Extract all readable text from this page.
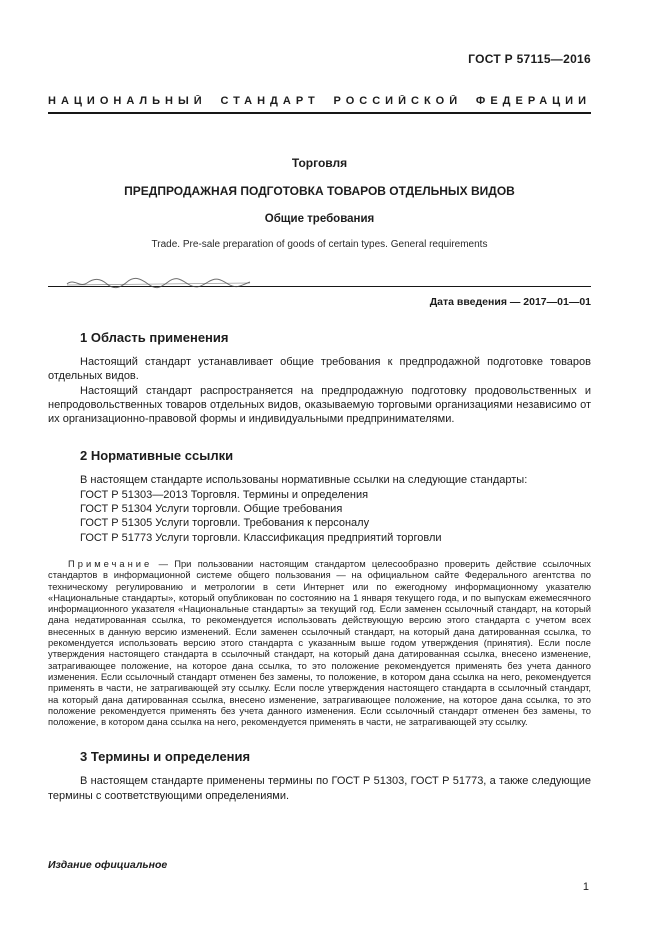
ГОСТ Р 57115—2016
НАЦИОНАЛЬНЫЙ СТАНДАРТ РОССИЙСКОЙ ФЕДЕРАЦИИ
Торговля
ПРЕДПРОДАЖНАЯ ПОДГОТОВКА ТОВАРОВ ОТДЕЛЬНЫХ ВИДОВ
Общие требования
Trade. Pre-sale preparation of goods of certain types. General requirements
Дата введения — 2017—01—01
1 Область применения

Настоящий стандарт устанавливает общие требования к предпродажной подготовке товаров отдельных видов.

Настоящий стандарт распространяется на предпродажную подготовку продовольственных и непродовольственных товаров отдельных видов, оказываемую торговыми организациями независимо от их организационно-правовой формы и индивидуальными предпринимателями.

2 Нормативные ссылки

В настоящем стандарте использованы нормативные ссылки на следующие стандарты:

ГОСТ Р 51303—2013 Торговля. Термины и определения
ГОСТ Р 51304 Услуги торговли. Общие требования
ГОСТ Р 51305 Услуги торговли. Требования к персоналу
ГОСТ Р 51773 Услуги торговли. Классификация предприятий торговли

Примечание — При пользовании настоящим стандартом целесообразно проверить действие ссылочных стандартов в информационной системе общего пользования — на официальном сайте Федерального агентства по техническому регулированию и метрологии в сети Интернет или по ежегодному информационному указателю «Национальные стандарты», который опубликован по состоянию на 1 января текущего года, и по выпускам ежемесячного информационного указателя «Национальные стандарты» за текущий год. Если заменен ссылочный стандарт, на который дана недатированная ссылка, то рекомендуется использовать действующую версию этого стандарта с учетом всех внесенных в данную версию изменений. Если заменен ссылочный стандарт, на который дана датированная ссылка, то рекомендуется использовать версию этого стандарта с указанным выше годом утверждения (принятия). Если после утверждения настоящего стандарта в ссылочный стандарт, на который дана датированная ссылка, внесено изменение, затрагивающее положение, на которое дана ссылка, то это положение рекомендуется применять без учета данного изменения. Если ссылочный стандарт отменен без замены, то положение, в котором дана ссылка на него, рекомендуется применять в части, не затрагивающей эту ссылку. Если после утверждения настоящего стандарта в ссылочный стандарт, на который дана датированная ссылка, внесено изменение, затрагивающее положение, на которое дана ссылка, то это положение рекомендуется применять без учета данного изменения. Если ссылочный стандарт отменен без замены, то положение, в котором дана ссылка на него, рекомендуется применять в части, не затрагивающей эту ссылку.

3 Термины и определения

В настоящем стандарте применены термины по ГОСТ Р 51303, ГОСТ Р 51773, а также следующие термины с соответствующими определениями.

Издание официальное
1
